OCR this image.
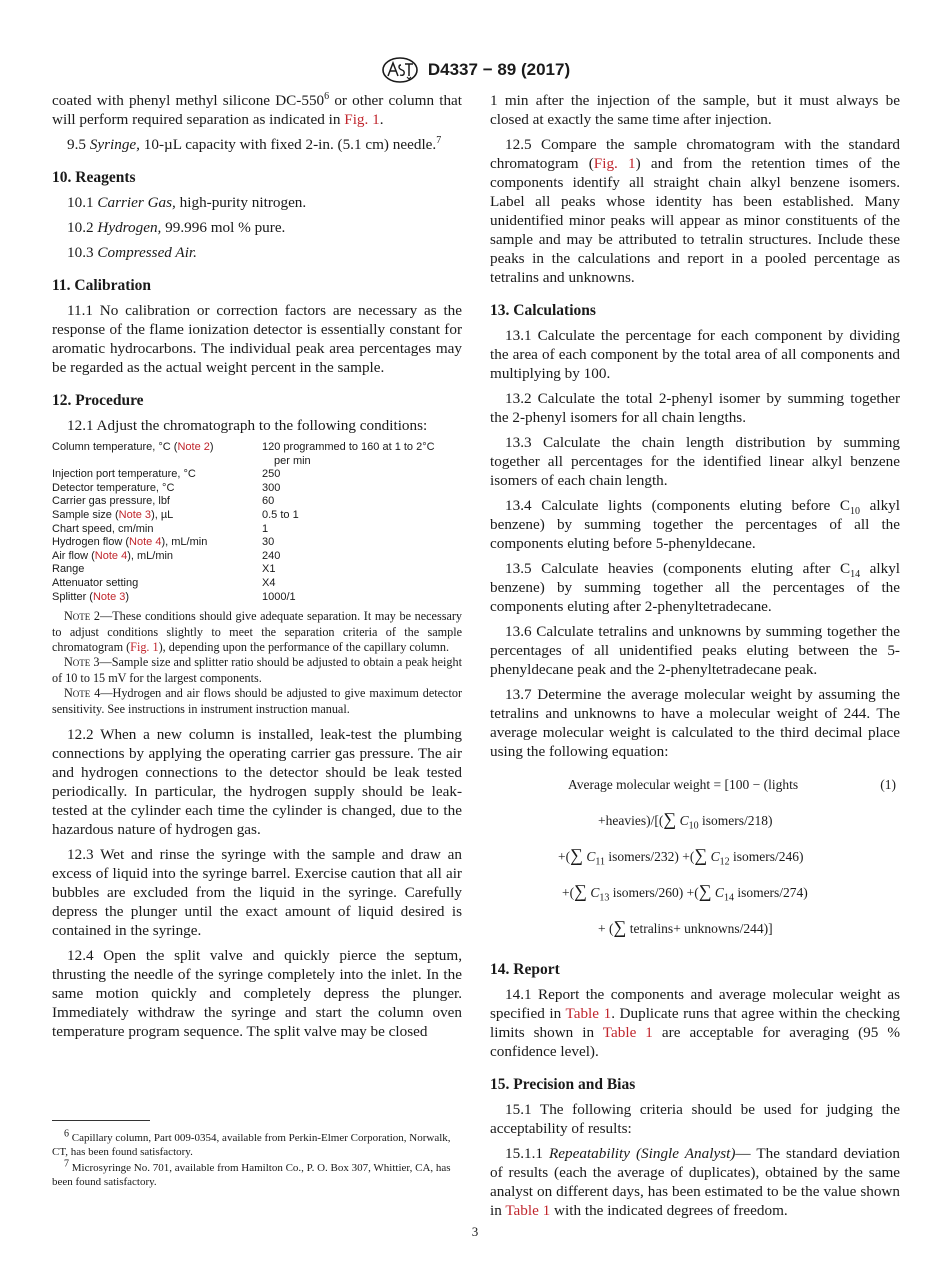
D4337 − 89 (2017)

coated with phenyl methyl silicone $DC-550^6$ or other column that will perform required separation as indicated in Fig. 1.

9.5 Syringe, 10-µL capacity with fixed 2-in. (5.1 cm) needle.$^7$

10. Reagents

10.1 Carrier Gas, high-purity nitrogen.

10.2 Hydrogen, 99.996 mol % pure.

10.3 Compressed Air.

11. Calibration

11.1 No calibration or correction factors are necessary as the response of the flame ionization detector is essentially constant for aromatic hydrocarbons. The individual peak area percentages may be regarded as the actual weight percent in the sample.

12. Procedure

12.1 Adjust the chromatograph to the following conditions:

Column temperature, °C (Note 2)	120 programmed to 160 at 1 to 2°C
per min
Injection port temperature, °C	250
Detector temperature, °C	300
Carrier gas pressure, lbf	60
Sample size (Note 3), µL	0.5 to 1
Chart speed, cm/min	1
Hydrogen flow (Note 4), mL/min	30
Air flow (Note 4), mL/min	240
Range	X1
Attenuator setting	X4
Splitter (Note 3)	1000/1

Note 2—These conditions should give adequate separation. It may be necessary to adjust conditions slightly to meet the separation criteria of the sample chromatogram (Fig. 1), depending upon the performance of the capillary column.

Note 3—Sample size and splitter ratio should be adjusted to obtain a peak height of 10 to 15 mV for the largest components.

Note 4—Hydrogen and air flows should be adjusted to give maximum detector sensitivity. See instructions in instrument instruction manual.

12.2 When a new column is installed, leak-test the plumbing connections by applying the operating carrier gas pressure. The air and hydrogen connections to the detector should be leak tested periodically. In particular, the hydrogen supply should be leak-tested at the cylinder each time the cylinder is changed, due to the hazardous nature of hydrogen gas.

12.3 Wet and rinse the syringe with the sample and draw an excess of liquid into the syringe barrel. Exercise caution that all air bubbles are excluded from the liquid in the syringe. Carefully depress the plunger until the exact amount of liquid desired is contained in the syringe.

12.4 Open the split valve and quickly pierce the septum, thrusting the needle of the syringe completely into the inlet. In the same motion quickly and completely depress the plunger. Immediately withdraw the syringe and start the column oven temperature program sequence. The split valve may be closed

$^6$ Capillary column, Part 009-0354, available from Perkin-Elmer Corporation, Norwalk, CT, has been found satisfactory.

$^7$ Microsyringe No. 701, available from Hamilton Co., P. O. Box 307, Whittier, CA, has been found satisfactory.

1 min after the injection of the sample, but it must always be closed at exactly the same time after injection.

12.5 Compare the sample chromatogram with the standard chromatogram (Fig. 1) and from the retention times of the components identify all straight chain alkyl benzene isomers. Label all peaks whose identity has been established. Many unidentified minor peaks will appear as minor constituents of the sample and may be attributed to tetralin structures. Include these peaks in the calculations and report in a pooled percentage as tetralins and unknowns.

13. Calculations

13.1 Calculate the percentage for each component by dividing the area of each component by the total area of all components and multiplying by 100.

13.2 Calculate the total 2-phenyl isomer by summing together the 2-phenyl isomers for all chain lengths.

13.3 Calculate the chain length distribution by summing together all percentages for the identified linear alkyl benzene isomers of each chain length.

13.4 Calculate lights (components eluting before $C_{10}$ alkyl benzene) by summing together the percentages of all the components eluting before 5-phenyldecane.

13.5 Calculate heavies (components eluting after $C_{14}$ alkyl benzene) by summing together all the percentages of the components eluting after 2-phenyltetradecane.

13.6 Calculate tetralins and unknowns by summing together the percentages of all unidentified peaks eluting between the 5-phenyldecane peak and the 2-phenyltetradecane peak.

13.7 Determine the average molecular weight by assuming the tetralins and unknowns to have a molecular weight of 244. The average molecular weight is calculated to the third decimal place using the following equation:

Average molecular weight = [100 − (lights	(1)
+heavies)/[(∑ $C_{10}$ isomers/218)
+(∑ $C_{11}$ isomers/232) +(∑ $C_{12}$ isomers/246)
+(∑ $C_{13}$ isomers/260) +(∑ $C_{14}$ isomers/274)
+ (∑ tetralins+ unknowns/244)]
14. Report

14.1 Report the components and average molecular weight as specified in Table 1. Duplicate runs that agree within the checking limits shown in Table 1 are acceptable for averaging (95 % confidence level).

15. Precision and Bias

15.1 The following criteria should be used for judging the acceptability of results:

15.1.1 Repeatability (Single Analyst)— The standard deviation of results (each the average of duplicates), obtained by the same analyst on different days, has been estimated to be the value shown in Table 1 with the indicated degrees of freedom.

3
